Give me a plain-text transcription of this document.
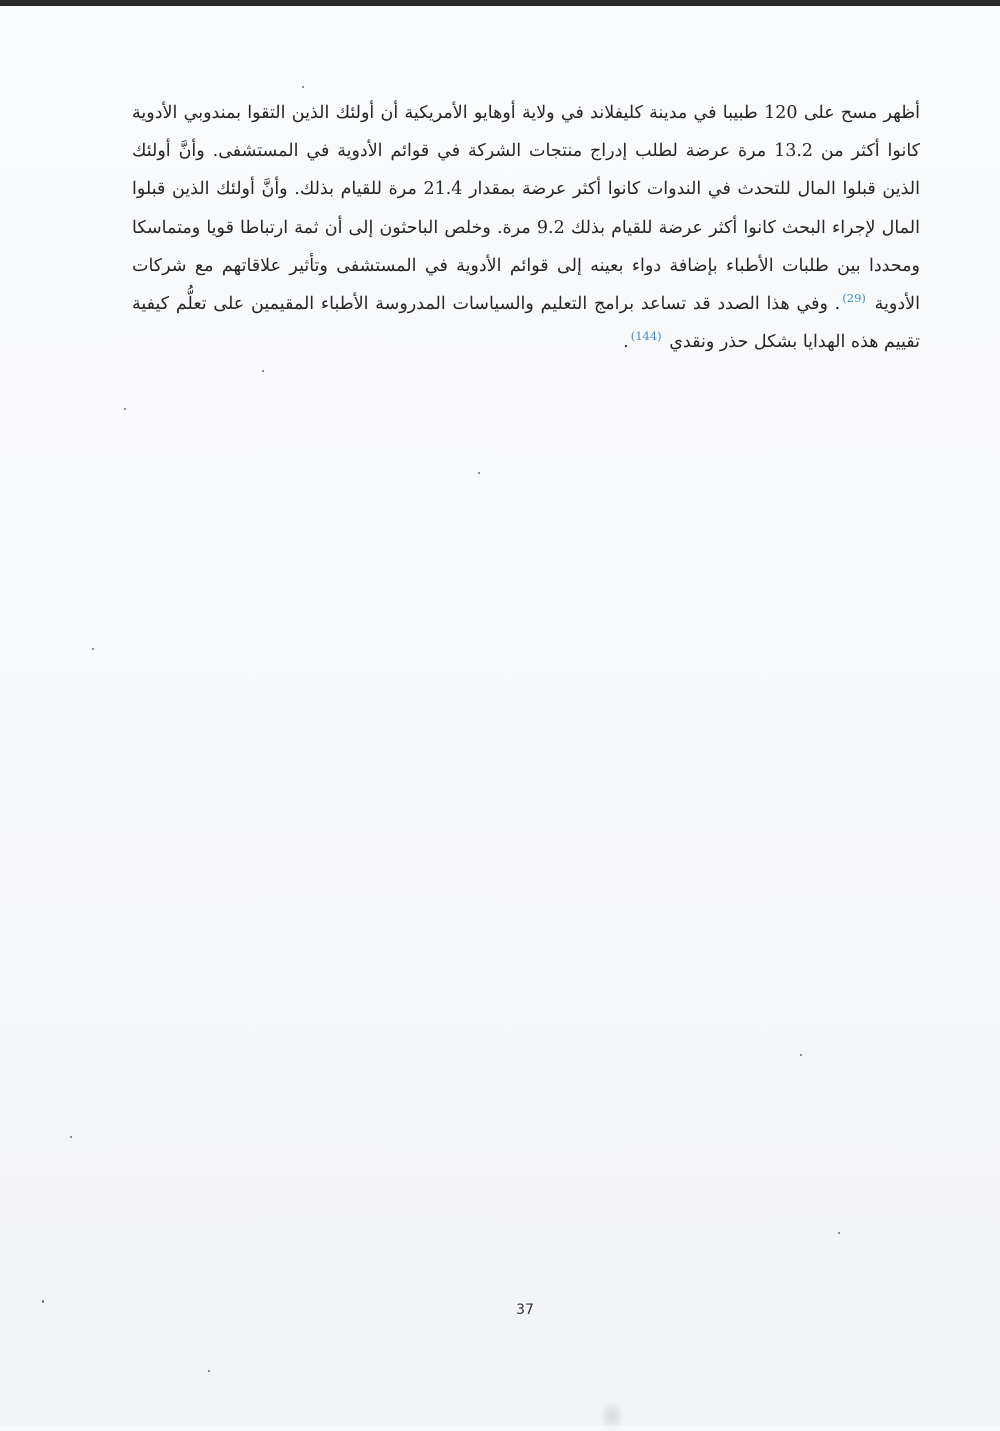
أظهر مسح على 120 طبيبا في مدينة كليفلاند في ولاية أوهايو الأمريكية أن أولئك الذين التقوا بمندوبي الأدوية كانوا أكثر من 13.2 مرة عرضة لطلب إدراج منتجات الشركة في قوائم الأدوية في المستشفى. وأنَّ أولئك الذين قبلوا المال للتحدث في الندوات كانوا أكثر عرضة بمقدار 21.4 مرة للقيام بذلك. وأنَّ أولئك الذين قبلوا المال لإجراء البحث كانوا أكثر عرضة للقيام بذلك 9.2 مرة. وخلص الباحثون إلى أن ثمة ارتباطا قويا ومتماسكا ومحددا بين طلبات الأطباء بإضافة دواء بعينه إلى قوائم الأدوية في المستشفى وتأثير علاقاتهم مع شركات الأدوية $^{(29)}$. وفي هذا الصدد قد تساعد برامج التعليم والسياسات المدروسة الأطباء المقيمين على تعلُّم كيفية تقييم هذه الهدايا بشكل حذر ونقدي $^{(144)}$.
37
